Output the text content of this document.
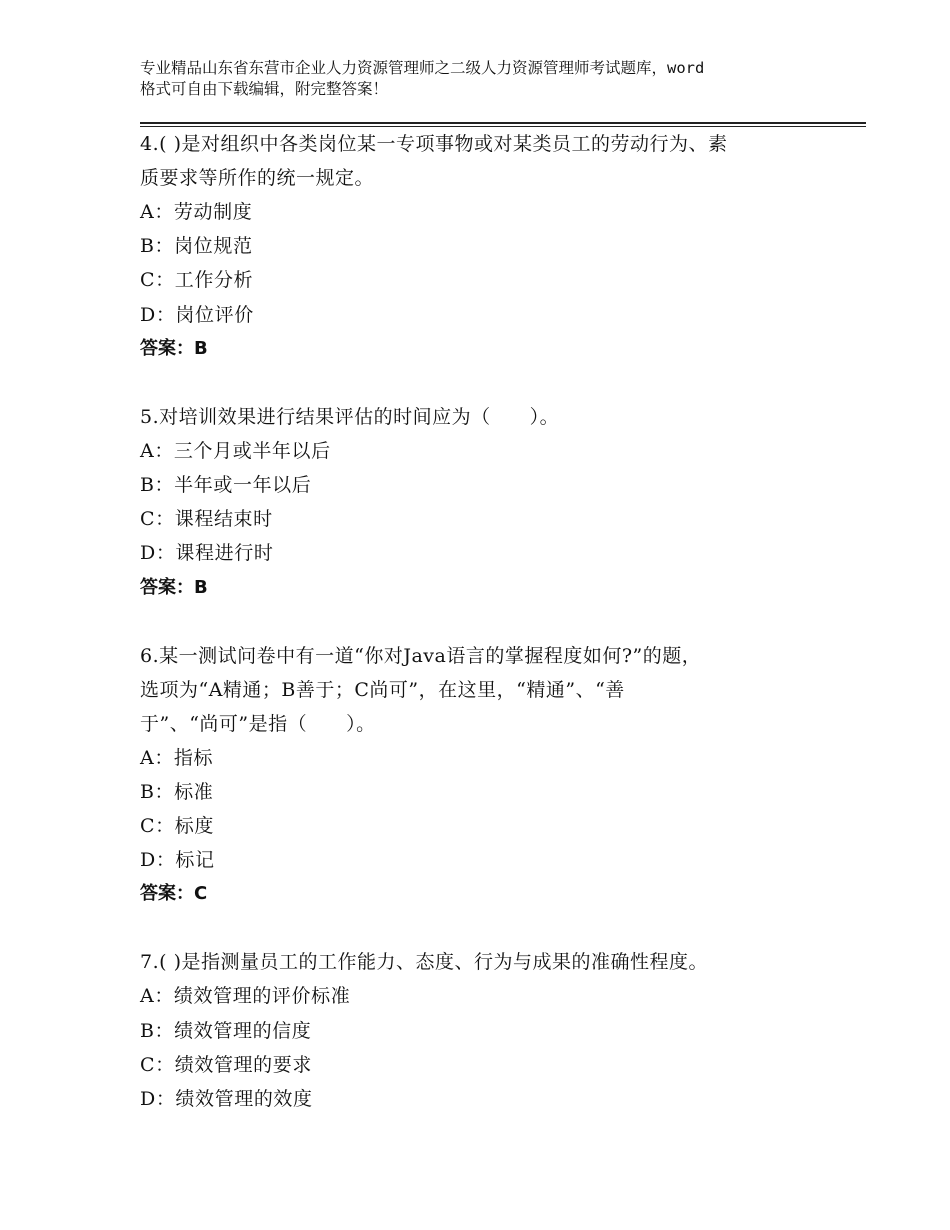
专业精品山东省东营市企业人力资源管理师之二级人力资源管理师考试题库，word
格式可自由下载编辑，附完整答案！

4.( )是对组织中各类岗位某一专项事物或对某类员工的劳动行为、素

质要求等所作的统一规定。

A：劳动制度

B：岗位规范

C：工作分析

D：岗位评价

答案：B

5.对培训效果进行结果评估的时间应为（　　）。

A：三个月或半年以后

B：半年或一年以后

C：课程结束时

D：课程进行时

答案：B

6.某一测试问卷中有一道“你对Java语言的掌握程度如何?”的题，

选项为“A精通；B善于；C尚可”，在这里，“精通”、“善

于”、“尚可”是指（　　）。

A：指标

B：标准

C：标度

D：标记

答案：C

7.( )是指测量员工的工作能力、态度、行为与成果的准确性程度。

A：绩效管理的评价标准

B：绩效管理的信度

C：绩效管理的要求

D：绩效管理的效度
